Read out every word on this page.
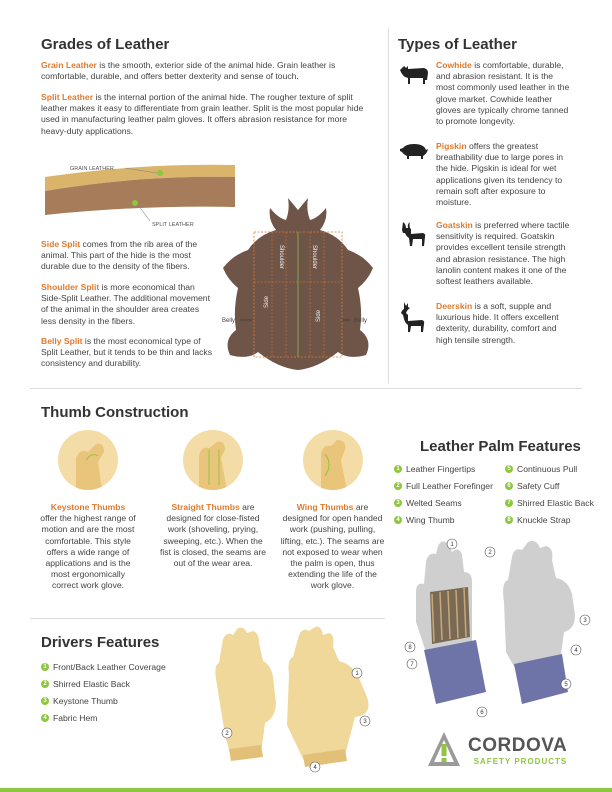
Grades of Leather

Grain Leather is the smooth, exterior side of the animal hide. Grain leather is comfortable, durable, and offers better dexterity and sense of touch.

Split Leather is the internal portion of the animal hide. The rougher texture of split leather makes it easy to differentiate from grain leather. Split is the most popular hide used in manufacturing leather palm gloves. It offers abrasion resistance for more heavy-duty applications.

GRAIN LEATHER
SPLIT LEATHER

Side Split comes from the rib area of the animal. This part of the hide is the most durable due to the density of the fibers.

Shoulder Split is more economical than Side-Split Leather. The additional movement of the animal in the shoulder area creates less density in the fibers.

Belly Split is the most economical type of Split Leather, but it tends to be thin and lacks consistency and durability.

Shoulder	Shoulder
Side
Side
Belly	Belly
Types of Leather

Cowhide is comfortable, durable, and abrasion resistant. It is the most commonly used leather in the glove market. Cowhide leather gloves are typically chrome tanned to promote longevity.

Pigskin offers the greatest breathability due to large pores in the hide. Pigskin is ideal for wet applications given its tendency to remain soft after exposure to moisture.

Goatskin is preferred where tactile sensitivity is required. Goatskin provides excellent tensile strength and abrasion resistance. The high lanolin content makes it one of the softest leathers available.

Deerskin is a soft, supple and luxurious hide. It offers excellent dexterity, durability, comfort and high tensile strength.

Thumb Construction

Keystone Thumbs
offer the highest range of motion and are the most comfortable. This style offers a wide range of applications and is the most ergonomically correct work glove.

Straight Thumbs are designed for close-fisted work (shoveling, prying, sweeping, etc.). When the fist is closed, the seams are out of the wear area.

Wing Thumbs are designed for open handed work (pushing, pulling, lifting, etc.). The seams are not exposed to wear when the palm is open, thus extending the life of the work glove.

Leather Palm Features
1 Leather Fingertips
2 Full Leather Forefinger
3 Welted Seams
4 Wing Thumb
5 Continuous Pull
6 Safety Cuff
7 Shirred Elastic Back
8 Knuckle Strap
1
2
3
4
5
6
7
8
Drivers Features
1 Front/Back Leather Coverage
2 Shirred Elastic Back
3 Keystone Thumb
4 Fabric Hem
1
2
3
4
CORDOVA
SAFETY PRODUCTS
